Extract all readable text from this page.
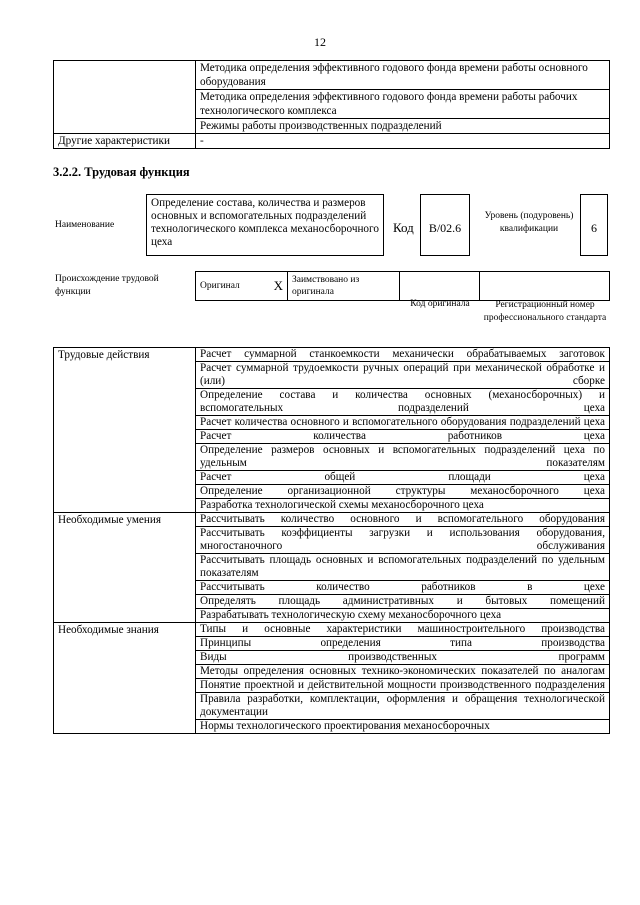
12
	Методика определения эффективного годового фонда времени работы основного оборудования
	Методика определения эффективного годового фонда времени работы рабочих технологического комплекса
	Режимы работы производственных подразделений
Другие характеристики	-
3.2.2. Трудовая функция
Наименование
Определение состава, количества и размеров основных и вспомогательных подразделений технологического комплекса механосборочного цеха
Код	B/02.6
Уровень (подуровень) квалификации	6
Происхождение трудовой функции
Оригинал	X	Заимствовано из оригинала		
Код оригинала	Регистрационный номер профессионального стандарта
Трудовые действия	Расчет суммарной станкоемкости механически обрабатываемых заготовок
	Расчет суммарной трудоемкости ручных операций при механической обработке и (или) сборке
	Определение состава и количества основных (механосборочных) и вспомогательных подразделений цеха
	Расчет количества основного и вспомогательного оборудования подразделений цеха
	Расчет количества работников цеха
	Определение размеров основных и вспомогательных подразделений цеха по удельным показателям
	Расчет общей площади цеха
	Определение организационной структуры механосборочного цеха
	Разработка технологической схемы механосборочного цеха
Необходимые умения	Рассчитывать количество основного и вспомогательного оборудования
	Рассчитывать коэффициенты загрузки и использования оборудования, многостаночного обслуживания
	Рассчитывать площадь основных и вспомогательных подразделений по удельным показателям
	Рассчитывать количество работников в цехе
	Определять площадь административных и бытовых помещений
	Разрабатывать технологическую схему механосборочного цеха
Необходимые знания	Типы и основные характеристики машиностроительного производства
	Принципы определения типа производства
	Виды производственных программ
	Методы определения основных технико-экономических показателей по аналогам
	Понятие проектной и действительной мощности производственного подразделения
	Правила разработки, комплектации, оформления и обращения технологической документации
	Нормы технологического проектирования механосборочных
